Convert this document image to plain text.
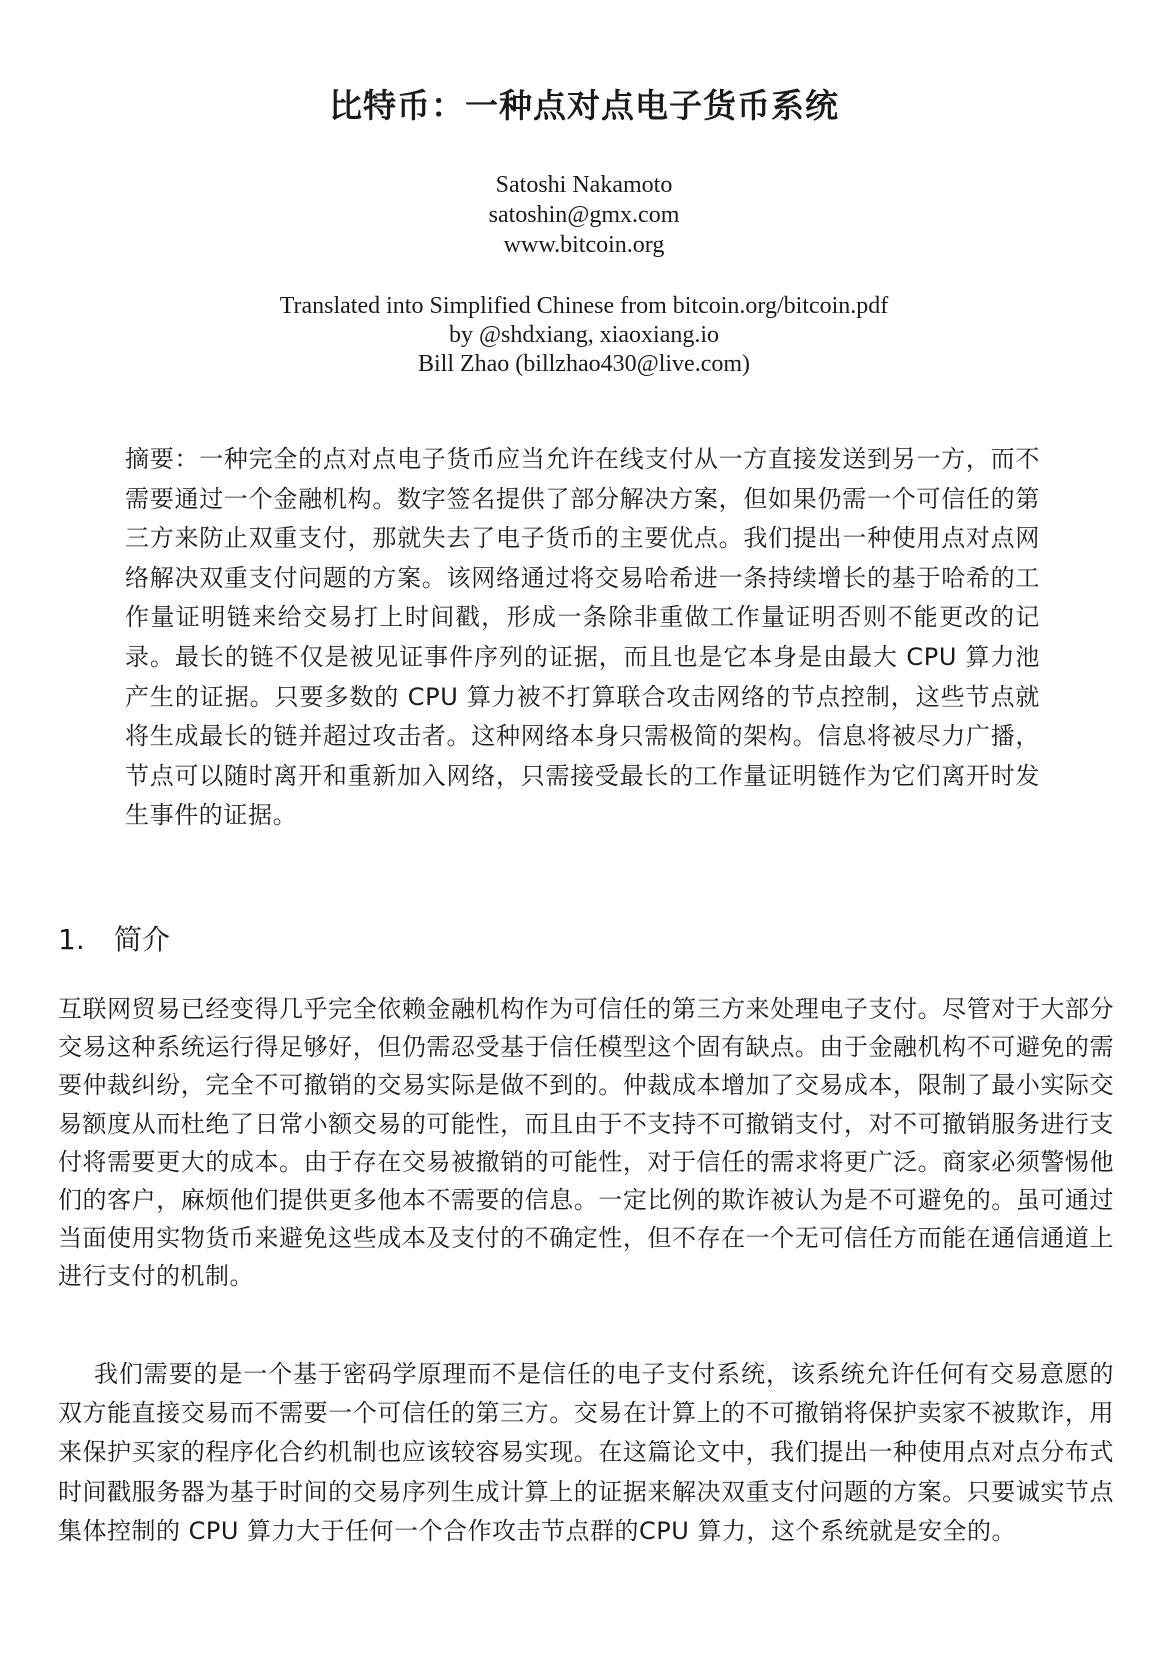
比特币：一种点对点电子货币系统
Satoshi Nakamoto
satoshin@gmx.com
www.bitcoin.org
Translated into Simplified Chinese from bitcoin.org/bitcoin.pdf
by @shdxiang, xiaoxiang.io
Bill Zhao (billzhao430@live.com)
摘要：一种完全的点对点电子货币应当允许在线支付从一方直接发送到另一方，而不需要通过一个金融机构。数字签名提供了部分解决方案，但如果仍需一个可信任的第三方来防止双重支付，那就失去了电子货币的主要优点。我们提出一种使用点对点网络解决双重支付问题的方案。该网络通过将交易哈希进一条持续增长的基于哈希的工作量证明链来给交易打上时间戳，形成一条除非重做工作量证明否则不能更改的记录。最长的链不仅是被见证事件序列的证据，而且也是它本身是由最大 CPU 算力池产生的证据。只要多数的 CPU 算力被不打算联合攻击网络的节点控制，这些节点就将生成最长的链并超过攻击者。这种网络本身只需极简的架构。信息将被尽力广播，节点可以随时离开和重新加入网络，只需接受最长的工作量证明链作为它们离开时发生事件的证据。
1. 简介

互联网贸易已经变得几乎完全依赖金融机构作为可信任的第三方来处理电子支付。尽管对于大部分交易这种系统运行得足够好，但仍需忍受基于信任模型这个固有缺点。由于金融机构不可避免的需要仲裁纠纷，完全不可撤销的交易实际是做不到的。仲裁成本增加了交易成本，限制了最小实际交易额度从而杜绝了日常小额交易的可能性，而且由于不支持不可撤销支付，对不可撤销服务进行支付将需要更大的成本。由于存在交易被撤销的可能性，对于信任的需求将更广泛。商家必须警惕他们的客户，麻烦他们提供更多他本不需要的信息。一定比例的欺诈被认为是不可避免的。虽可通过当面使用实物货币来避免这些成本及支付的不确定性，但不存在一个无可信任方而能在通信通道上进行支付的机制。

我们需要的是一个基于密码学原理而不是信任的电子支付系统，该系统允许任何有交易意愿的双方能直接交易而不需要一个可信任的第三方。交易在计算上的不可撤销将保护卖家不被欺诈，用来保护买家的程序化合约机制也应该较容易实现。在这篇论文中，我们提出一种使用点对点分布式时间戳服务器为基于时间的交易序列生成计算上的证据来解决双重支付问题的方案。只要诚实节点集体控制的 CPU 算力大于任何一个合作攻击节点群的CPU 算力，这个系统就是安全的。
